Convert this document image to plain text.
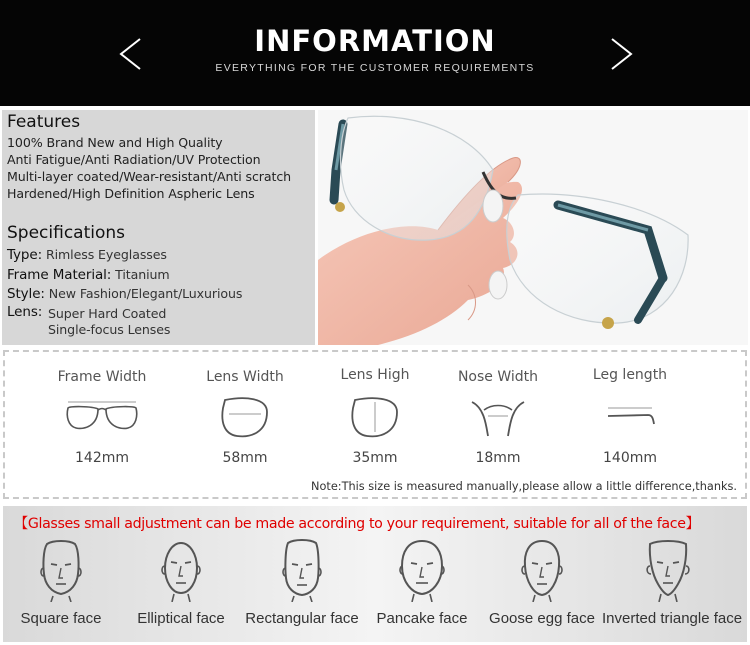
INFORMATION
EVERYTHING FOR THE CUSTOMER REQUIREMENTS
Features
100% Brand New and High Quality
Anti Fatigue/Anti Radiation/UV Protection
Multi-layer coated/Wear-resistant/Anti scratch
Hardened/High Definition Aspheric Lens
Specifications
Type: Rimless Eyeglasses
Frame Material: Titanium
Style: New Fashion/Elegant/Luxurious
Lens: Super Hard Coated
Single-focus Lenses
Frame Width
142mm
Lens Width
58mm
Lens High
35mm
Nose Width
18mm
Leg length
140mm
Note:This size is measured manually,please allow a little difference,thanks.
【Glasses small adjustment can be made according to your requirement, suitable for all of the face】
Square face	Elliptical face	Rectangular face	Pancake face	Goose egg face Inverted triangle face
